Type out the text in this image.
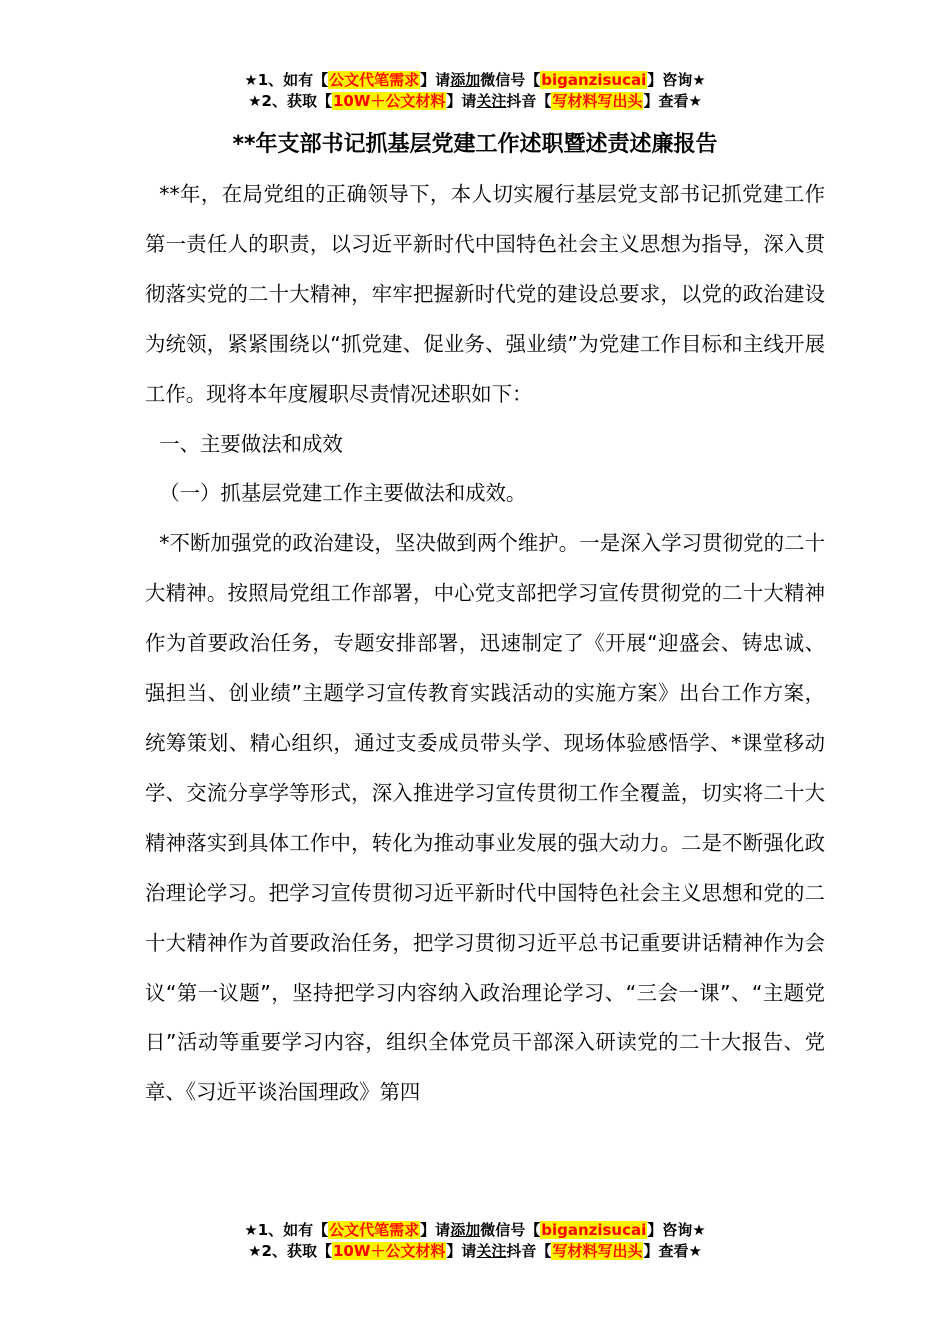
★1、如有【公文代笔需求】请添加微信号【biganzisucai】咨询★
★2、获取【10W＋公文材料】请关注抖音【写材料写出头】查看★
**年支部书记抓基层党建工作述职暨述责述廉报告

**年，在局党组的正确领导下，本人切实履行基层党支部书记抓党建工作第一责任人的职责，以习近平新时代中国特色社会主义思想为指导，深入贯彻落实党的二十大精神，牢牢把握新时代党的建设总要求，以党的政治建设为统领，紧紧围绕以“抓党建、促业务、强业绩”为党建工作目标和主线开展工作。现将本年度履职尽责情况述职如下：

一、主要做法和成效

（一）抓基层党建工作主要做法和成效。

*不断加强党的政治建设，坚决做到两个维护。一是深入学习贯彻党的二十大精神。按照局党组工作部署，中心党支部把学习宣传贯彻党的二十大精神作为首要政治任务，专题安排部署，迅速制定了《开展“迎盛会、铸忠诚、强担当、创业绩”主题学习宣传教育实践活动的实施方案》出台工作方案，统筹策划、精心组织，通过支委成员带头学、现场体验感悟学、*课堂移动学、交流分享学等形式，深入推进学习宣传贯彻工作全覆盖，切实将二十大精神落实到具体工作中，转化为推动事业发展的强大动力。二是不断强化政治理论学习。把学习宣传贯彻习近平新时代中国特色社会主义思想和党的二十大精神作为首要政治任务，把学习贯彻习近平总书记重要讲话精神作为会议“第一议题”，坚持把学习内容纳入政治理论学习、“三会一课”、“主题党日”活动等重要学习内容，组织全体党员干部深入研读党的二十大报告、党章、《习近平谈治国理政》第四

★1、如有【公文代笔需求】请添加微信号【biganzisucai】咨询★
★2、获取【10W＋公文材料】请关注抖音【写材料写出头】查看★
